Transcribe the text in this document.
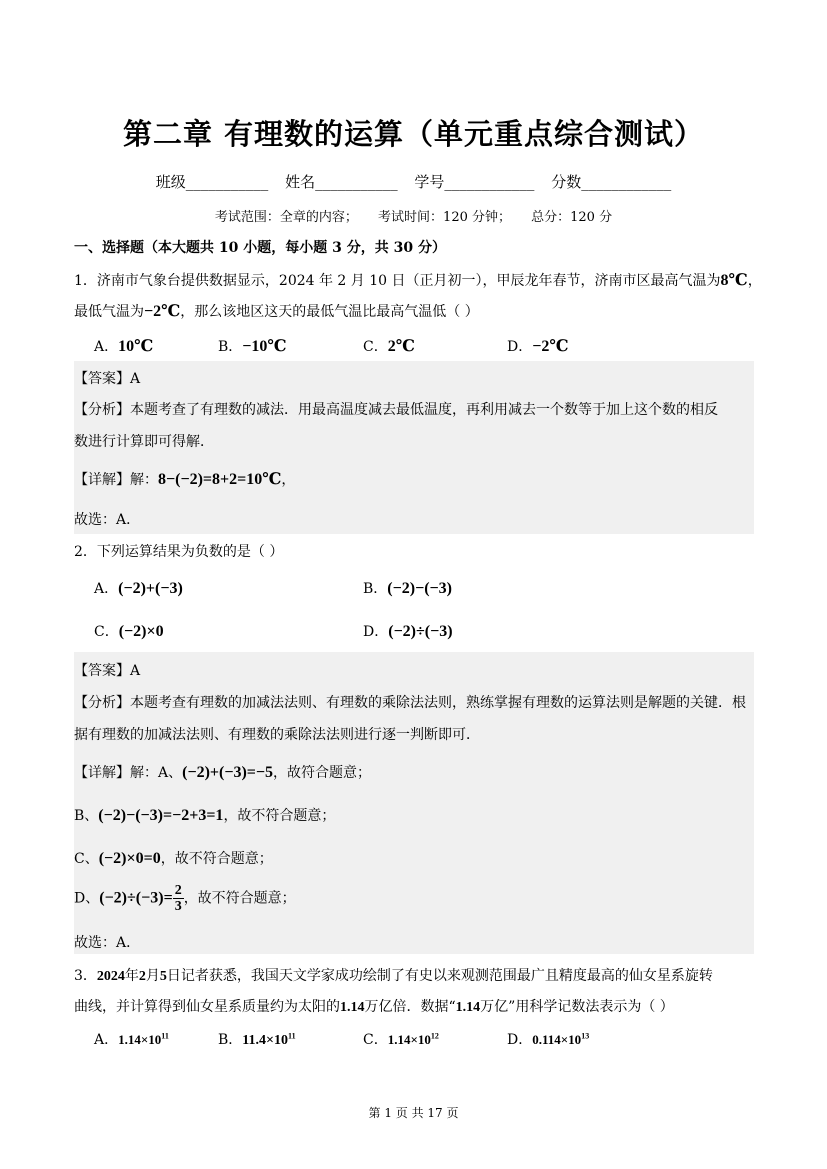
第二章 有理数的运算（单元重点综合测试）
班级___________ 姓名___________ 学号____________ 分数____________
考试范围：全章的内容； 考试时间：120 分钟； 总分：120 分
一、选择题（本大题共 10 小题，每小题 3 分，共 30 分）
1．济南市气象台提供数据显示，2024 年 2 月 10 日（正月初一），甲辰龙年春节，济南市区最高气温为8℃，
最低气温为−2℃，那么该地区这天的最低气温比最高气温低（ ）
A．10℃	B．−10℃	C．2℃	D．−2℃
【答案】A
【分析】本题考查了有理数的减法．用最高温度减去最低温度，再利用减去一个数等于加上这个数的相反
数进行计算即可得解．
【详解】解：8−(−2)=8+2=10℃，
故选：A．
2．下列运算结果为负数的是（ ）
A．(−2)+(−3)	B．(−2)−(−3)
C．(−2)×0	D．(−2)÷(−3)
【答案】A
【分析】本题考查有理数的加减法法则、有理数的乘除法法则，熟练掌握有理数的运算法则是解题的关键．根
据有理数的加减法法则、有理数的乘除法法则进行逐一判断即可．
【详解】解：A、(−2)+(−3)=−5，故符合题意；
B、(−2)−(−3)=−2+3=1，故不符合题意；
C、(−2)×0=0，故不符合题意；
D、$(-2)\div(-3)= \frac{2}{3}$ ，故不符合题意；
故选：A．
3．2024年2月5日记者获悉，我国天文学家成功绘制了有史以来观测范围最广且精度最高的仙女星系旋转
曲线，并计算得到仙女星系质量约为太阳的1.14万亿倍．数据“1.14万亿”用科学记数法表示为（ ）
A．$1.14\times 10^{11}$	B．$11.4\times 10^{11}$	C．$1.14\times 10^{12}$	D．$0.114\times 10^{13}$
第 1 页 共 17 页
